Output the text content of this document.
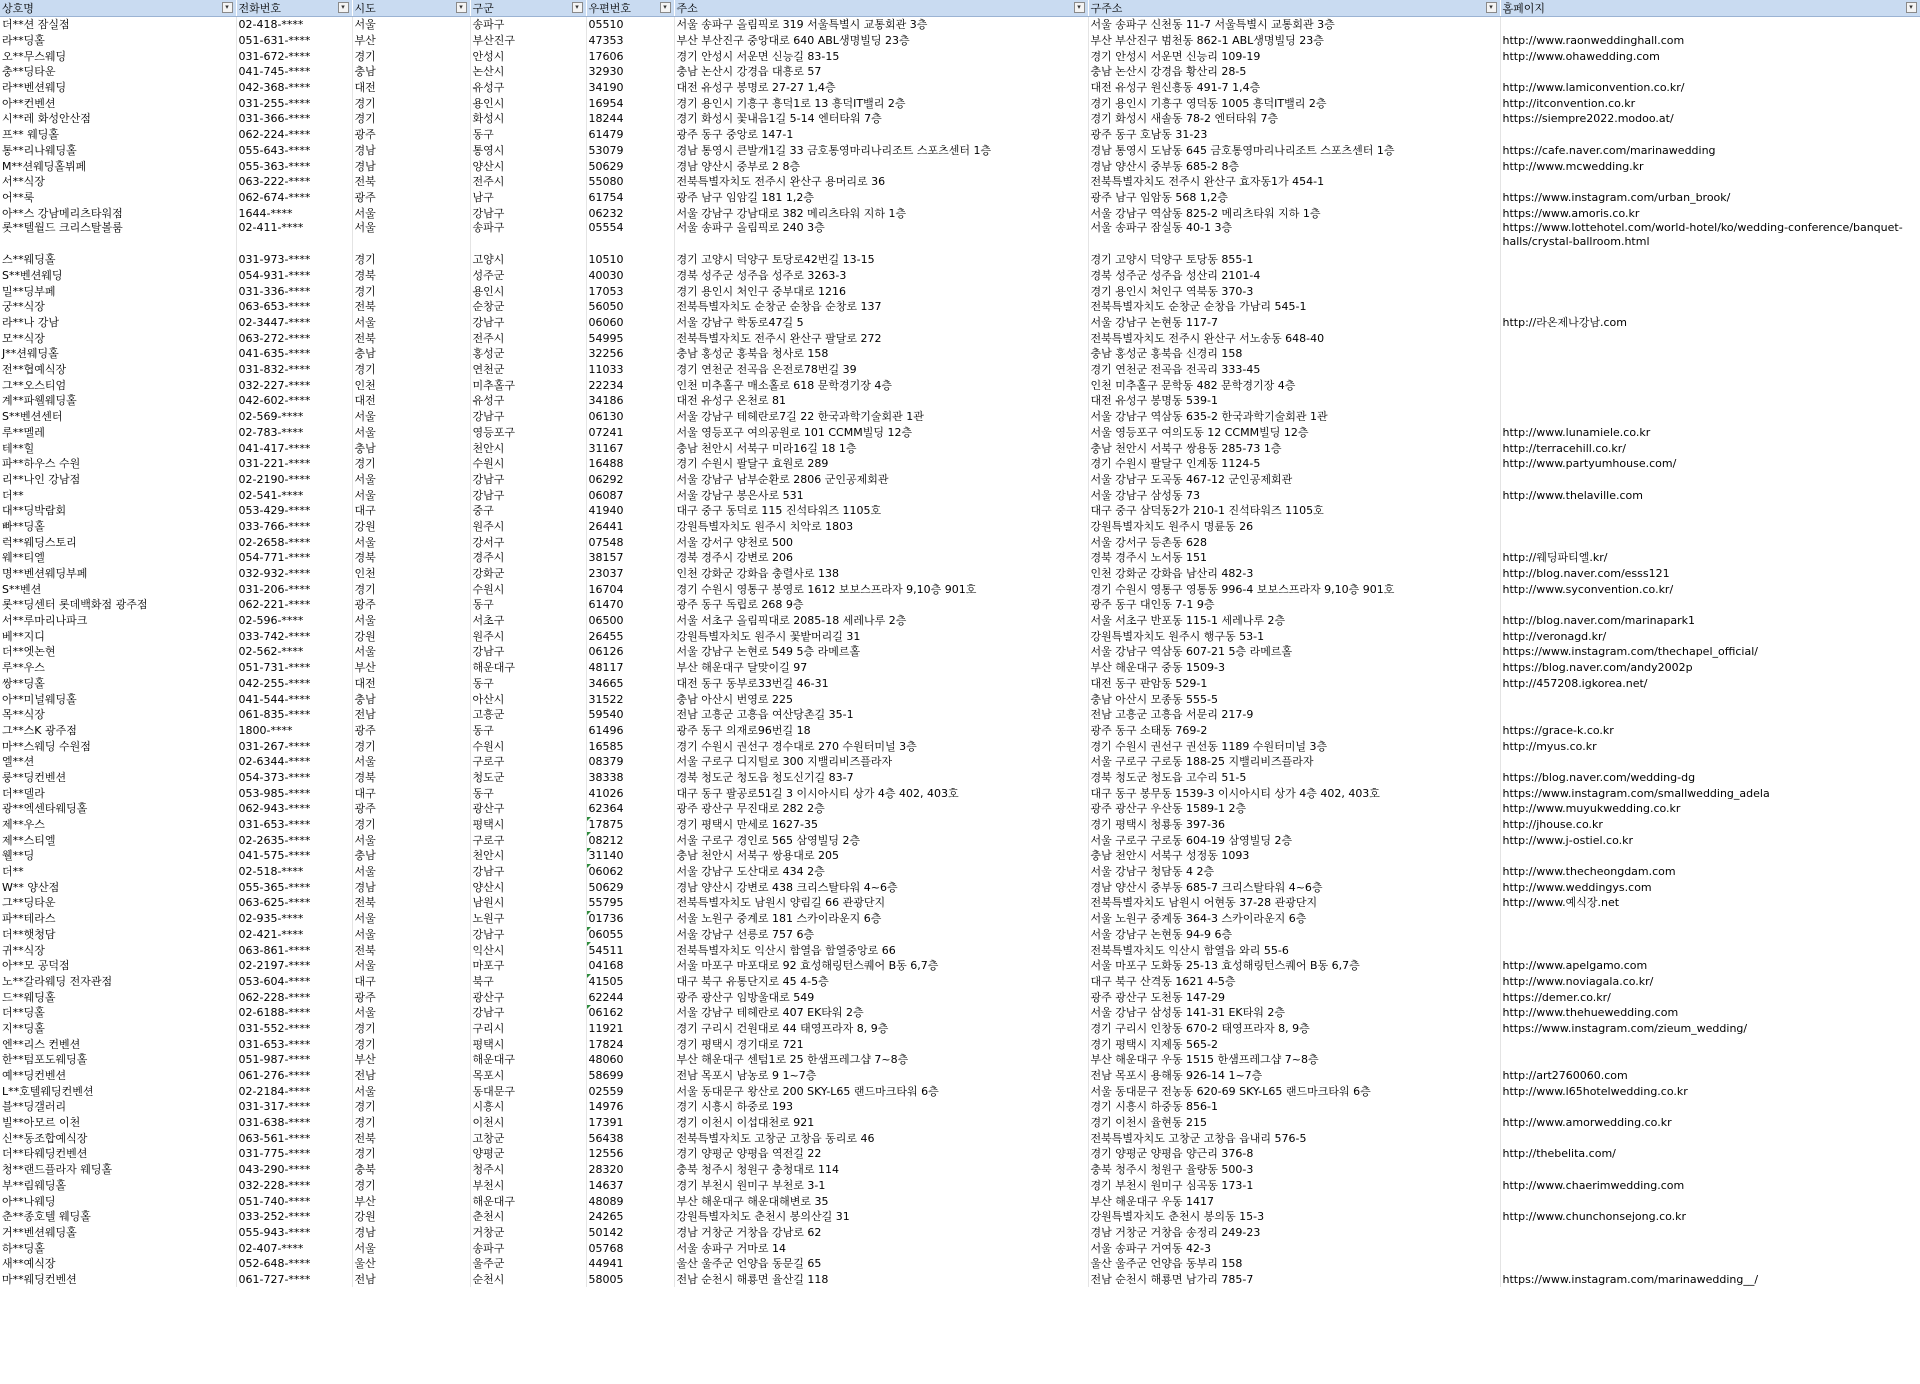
상호명 ▾	전화번호 ▾	시도 ▾	구군 ▾	우편번호 ▾	주소 ▾	구주소 ▾	홈페이지 ▾

더**션 잠실점	02-418-****	서울	송파구	05510	서울 송파구 올림픽로 319 서울특별시 교통회관 3층	서울 송파구 신천동 11-7 서울특별시 교통회관 3층	
라**딩홀	051-631-****	부산	부산진구	47353	부산 부산진구 중앙대로 640 ABL생명빌딩 23층	부산 부산진구 범천동 862-1 ABL생명빌딩 23층	http://www.raonweddinghall.com
오**무스웨딩	031-672-****	경기	안성시	17606	경기 안성시 서운면 신능길 83-15	경기 안성시 서운면 신능리 109-19	http://www.ohawedding.com
충**딩타운	041-745-****	충남	논산시	32930	충남 논산시 강경읍 대흥로 57	충남 논산시 강경읍 황산리 28-5	
라**벤션웨딩	042-368-****	대전	유성구	34190	대전 유성구 봉명로 27-27 1,4층	대전 유성구 원신흥동 491-7 1,4층	http://www.lamiconvention.co.kr/
아**컨벤션	031-255-****	경기	용인시	16954	경기 용인시 기흥구 흥덕1로 13 흥덕IT밸리 2층	경기 용인시 기흥구 영덕동 1005 흥덕IT밸리 2층	http://itconvention.co.kr
시**레 화성안산점	031-366-****	경기	화성시	18244	경기 화성시 꽃내음1길 5-14 엔터타워 7층	경기 화성시 새솔동 78-2 엔터타워 7층	https://siempre2022.modoo.at/
프** 웨딩홀	062-224-****	광주	동구	61479	광주 동구 중앙로 147-1	광주 동구 호남동 31-23	
통**리나웨딩홀	055-643-****	경남	통영시	53079	경남 통영시 큰발개1길 33 금호통영마리나리조트 스포츠센터 1층	경남 통영시 도남동 645 금호통영마리나리조트 스포츠센터 1층	https://cafe.naver.com/marinawedding
M**션웨딩홀뷔페	055-363-****	경남	양산시	50629	경남 양산시 중부로 2 8층	경남 양산시 중부동 685-2 8층	http://www.mcwedding.kr
서**식장	063-222-****	전북	전주시	55080	전북특별자치도 전주시 완산구 용머리로 36	전북특별자치도 전주시 완산구 효자동1가 454-1	
어**룩	062-674-****	광주	남구	61754	광주 남구 임암길 181 1,2층	광주 남구 임암동 568 1,2층	https://www.instagram.com/urban_brook/
아**스 강남메리츠타워점	1644-****	서울	강남구	06232	서울 강남구 강남대로 382 메리츠타워 지하 1층	서울 강남구 역삼동 825-2 메리츠타워 지하 1층	https://www.amoris.co.kr
롯**텔월드 크리스탈볼룸	02-411-****	서울	송파구	05554	서울 송파구 올림픽로 240 3층	서울 송파구 잠실동 40-1 3층	https://www.lottehotel.com/world-hotel/ko/wedding-conference/banquet-halls/crystal-ballroom.html
스**웨딩홀	031-973-****	경기	고양시	10510	경기 고양시 덕양구 토당로42번길 13-15	경기 고양시 덕양구 토당동 855-1	
S**벤션웨딩	054-931-****	경북	성주군	40030	경북 성주군 성주읍 성주로 3263-3	경북 성주군 성주읍 성산리 2101-4	
밀**딩부페	031-336-****	경기	용인시	17053	경기 용인시 처인구 중부대로 1216	경기 용인시 처인구 역북동 370-3	
궁**식장	063-653-****	전북	순창군	56050	전북특별자치도 순창군 순창읍 순창로 137	전북특별자치도 순창군 순창읍 가남리 545-1	
라**나 강남	02-3447-****	서울	강남구	06060	서울 강남구 학동로47길 5	서울 강남구 논현동 117-7	http://라온제나강남.com
모**식장	063-272-****	전북	전주시	54995	전북특별자치도 전주시 완산구 팔달로 272	전북특별자치도 전주시 완산구 서노송동 648-40	
J**션웨딩홀	041-635-****	충남	홍성군	32256	충남 홍성군 홍북읍 청사로 158	충남 홍성군 홍북읍 신경리 158	
전**협예식장	031-832-****	경기	연천군	11033	경기 연천군 전곡읍 은전로78번길 39	경기 연천군 전곡읍 전곡리 333-45	
그**오스티엄	032-227-****	인천	미추홀구	22234	인천 미추홀구 매소홀로 618 문학경기장 4층	인천 미추홀구 문학동 482 문학경기장 4층	
계**파웰웨딩홀	042-602-****	대전	유성구	34186	대전 유성구 온천로 81	대전 유성구 봉명동 539-1	
S**벤션센터	02-569-****	서울	강남구	06130	서울 강남구 테헤란로7길 22 한국과학기술회관 1관	서울 강남구 역삼동 635-2 한국과학기술회관 1관	
루**멜레	02-783-****	서울	영등포구	07241	서울 영등포구 여의공원로 101 CCMM빌딩 12층	서울 영등포구 여의도동 12 CCMM빌딩 12층	http://www.lunamiele.co.kr
테**힐	041-417-****	충남	천안시	31167	충남 천안시 서북구 미라16길 18 1층	충남 천안시 서북구 쌍용동 285-73 1층	http://terracehill.co.kr/
파**하우스 수원	031-221-****	경기	수원시	16488	경기 수원시 팔달구 효원로 289	경기 수원시 팔달구 인계동 1124-5	http://www.partyumhouse.com/
리**나인 강남점	02-2190-****	서울	강남구	06292	서울 강남구 남부순환로 2806 군인공제회관	서울 강남구 도곡동 467-12 군인공제회관	
더**	02-541-****	서울	강남구	06087	서울 강남구 봉은사로 531	서울 강남구 삼성동 73	http://www.thelaville.com
대**딩박람회	053-429-****	대구	중구	41940	대구 중구 동덕로 115 진석타워즈 1105호	대구 중구 삼덕동2가 210-1 진석타워즈 1105호	
빠**딩홀	033-766-****	강원	원주시	26441	강원특별자치도 원주시 치악로 1803	강원특별자치도 원주시 명륜동 26	
럭**웨딩스토리	02-2658-****	서울	강서구	07548	서울 강서구 양천로 500	서울 강서구 등촌동 628	
웨**티엘	054-771-****	경북	경주시	38157	경북 경주시 강변로 206	경북 경주시 노서동 151	http://웨딩파티엘.kr/
명**벤션웨딩부페	032-932-****	인천	강화군	23037	인천 강화군 강화읍 충렬사로 138	인천 강화군 강화읍 남산리 482-3	http://blog.naver.com/esss121
S**벤션	031-206-****	경기	수원시	16704	경기 수원시 영통구 봉영로 1612 보보스프라자 9,10층 901호	경기 수원시 영통구 영통동 996-4 보보스프라자 9,10층 901호	http://www.syconvention.co.kr/
롯**딩센터 롯데백화점 광주점	062-221-****	광주	동구	61470	광주 동구 독립로 268 9층	광주 동구 대인동 7-1 9층	
서**루마리나파크	02-596-****	서울	서초구	06500	서울 서초구 올림픽대로 2085-18 세레나루 2층	서울 서초구 반포동 115-1 세레나루 2층	http://blog.naver.com/marinapark1
베**지디	033-742-****	강원	원주시	26455	강원특별자치도 원주시 꽃밭머리길 31	강원특별자치도 원주시 행구동 53-1	http://veronagd.kr/
더**엣논현	02-562-****	서울	강남구	06126	서울 강남구 논현로 549 5층 라메르홀	서울 강남구 역삼동 607-21 5층 라메르홀	https://www.instagram.com/thechapel_official/
루**우스	051-731-****	부산	해운대구	48117	부산 해운대구 달맞이길 97	부산 해운대구 중동 1509-3	https://blog.naver.com/andy2002p
쌍**딩홀	042-255-****	대전	동구	34665	대전 동구 동부로33번길 46-31	대전 동구 판암동 529-1	http://457208.igkorea.net/
아**미널웨딩홀	041-544-****	충남	아산시	31522	충남 아산시 번영로 225	충남 아산시 모종동 555-5	
목**식장	061-835-****	전남	고흥군	59540	전남 고흥군 고흥읍 여산당촌길 35-1	전남 고흥군 고흥읍 서문리 217-9	
그**스K 광주점	1800-****	광주	동구	61496	광주 동구 의재로96번길 18	광주 동구 소태동 769-2	https://grace-k.co.kr
마**스웨딩 수원점	031-267-****	경기	수원시	16585	경기 수원시 권선구 경수대로 270 수원터미널 3층	경기 수원시 권선구 권선동 1189 수원터미널 3층	http://myus.co.kr
엘**션	02-6344-****	서울	구로구	08379	서울 구로구 디지털로 300 지밸리비즈플라자	서울 구로구 구로동 188-25 지밸리비즈플라자	
룽**딩컨벤션	054-373-****	경북	청도군	38338	경북 청도군 청도읍 청도신기길 83-7	경북 청도군 청도읍 고수리 51-5	https://blog.naver.com/wedding-dg
더**델라	053-985-****	대구	동구	41026	대구 동구 팔공로51길 3 이시아시티 상가 4층 402, 403호	대구 동구 봉무동 1539-3 이시아시티 상가 4층 402, 403호	https://www.instagram.com/smallwedding_adela
광**엑센타웨딩홀	062-943-****	광주	광산구	62364	광주 광산구 무진대로 282 2층	광주 광산구 우산동 1589-1 2층	http://www.muyukwedding.co.kr
제**우스	031-653-****	경기	평택시	17875	경기 평택시 만세로 1627-35	경기 평택시 청룡동 397-36	http://jhouse.co.kr
제**스티엘	02-2635-****	서울	구로구	08212	서울 구로구 경인로 565 삼영빌딩 2층	서울 구로구 구로동 604-19 삼영빌딩 2층	http://www.j-ostiel.co.kr
웰**딩	041-575-****	충남	천안시	31140	충남 천안시 서북구 쌍용대로 205	충남 천안시 서북구 성정동 1093	
더**	02-518-****	서울	강남구	06062	서울 강남구 도산대로 434 2층	서울 강남구 청담동 4 2층	http://www.thecheongdam.com
W** 양산점	055-365-****	경남	양산시	50629	경남 양산시 강변로 438 크리스탈타워 4~6층	경남 양산시 중부동 685-7 크리스탈타워 4~6층	http://www.weddingys.com
그**딩타운	063-625-****	전북	남원시	55795	전북특별자치도 남원시 양림길 66 관광단지	전북특별자치도 남원시 어현동 37-28 관광단지	http://www.예식장.net
파**테라스	02-935-****	서울	노원구	01736	서울 노원구 중계로 181 스카이라운지 6층	서울 노원구 중계동 364-3 스카이라운지 6층	
더**햇청담	02-421-****	서울	강남구	06055	서울 강남구 선릉로 757 6층	서울 강남구 논현동 94-9 6층	
귀**식장	063-861-****	전북	익산시	54511	전북특별자치도 익산시 함열읍 함열중앙로 66	전북특별자치도 익산시 함열읍 와리 55-6	
아**모 공덕점	02-2197-****	서울	마포구	04168	서울 마포구 마포대로 92 효성해링턴스퀘어 B동 6,7층	서울 마포구 도화동 25-13 효성해링턴스퀘어 B동 6,7층	http://www.apelgamo.com
노**갈라웨딩 전자관점	053-604-****	대구	북구	41505	대구 북구 유통단지로 45 4-5층	대구 북구 산격동 1621 4-5층	http://www.noviagala.co.kr/
드**웨딩홀	062-228-****	광주	광산구	62244	광주 광산구 임방울대로 549	광주 광산구 도천동 147-29	https://demer.co.kr/
더**딩홀	02-6188-****	서울	강남구	06162	서울 강남구 테헤란로 407 EK타워 2층	서울 강남구 삼성동 141-31 EK타워 2층	http://www.thehuewedding.com
지**딩홀	031-552-****	경기	구리시	11921	경기 구리시 건원대로 44 태영프라자 8, 9층	경기 구리시 인창동 670-2 태영프라자 8, 9층	https://www.instagram.com/zieum_wedding/
엔**리스 컨벤션	031-653-****	경기	평택시	17824	경기 평택시 경기대로 721	경기 평택시 지제동 565-2	
한**텀포도웨딩홀	051-987-****	부산	해운대구	48060	부산 해운대구 센텀1로 25 한샘프레그샵 7~8층	부산 해운대구 우동 1515 한샘프레그샵 7~8층	
예**딩컨벤션	061-276-****	전남	목포시	58699	전남 목포시 남농로 9 1~7층	전남 목포시 용해동 926-14 1~7층	http://art2760060.com
L**호텔웨딩컨벤션	02-2184-****	서울	동대문구	02559	서울 동대문구 왕산로 200 SKY-L65 랜드마크타워 6층	서울 동대문구 전농동 620-69 SKY-L65 랜드마크타워 6층	http://www.l65hotelwedding.co.kr
블**딩갤러리	031-317-****	경기	시흥시	14976	경기 시흥시 하중로 193	경기 시흥시 하중동 856-1	
빌**아모르 이천	031-638-****	경기	이천시	17391	경기 이천시 이섭대천로 921	경기 이천시 율현동 215	http://www.amorwedding.co.kr
신**동조합예식장	063-561-****	전북	고창군	56438	전북특별자치도 고창군 고창읍 동리로 46	전북특별자치도 고창군 고창읍 읍내리 576-5	
더**타웨딩컨벤션	031-775-****	경기	양평군	12556	경기 양평군 양평읍 역전길 22	경기 양평군 양평읍 양근리 376-8	http://thebelita.com/
청**랜드플라자 웨딩홀	043-290-****	충북	청주시	28320	충북 청주시 청원구 충청대로 114	충북 청주시 청원구 율량동 500-3	
부**림웨딩홀	032-228-****	경기	부천시	14637	경기 부천시 원미구 부천로 3-1	경기 부천시 원미구 심곡동 173-1	http://www.chaerimwedding.com
아**나웨딩	051-740-****	부산	해운대구	48089	부산 해운대구 해운대해변로 35	부산 해운대구 우동 1417	
춘**종호텔 웨딩홀	033-252-****	강원	춘천시	24265	강원특별자치도 춘천시 봉의산길 31	강원특별자치도 춘천시 봉의동 15-3	http://www.chunchonsejong.co.kr
거**벤션웨딩홀	055-943-****	경남	거창군	50142	경남 거창군 거창읍 강남로 62	경남 거창군 거창읍 송정리 249-23	
하**딩홀	02-407-****	서울	송파구	05768	서울 송파구 거마로 14	서울 송파구 거여동 42-3	
새**예식장	052-648-****	울산	울주군	44941	울산 울주군 언양읍 동문길 65	울산 울주군 언양읍 동부리 158	
마**웨딩컨벤션	061-727-****	전남	순천시	58005	전남 순천시 해룡면 율산길 118	전남 순천시 해룡면 남가리 785-7	https://www.instagram.com/marinawedding__/
